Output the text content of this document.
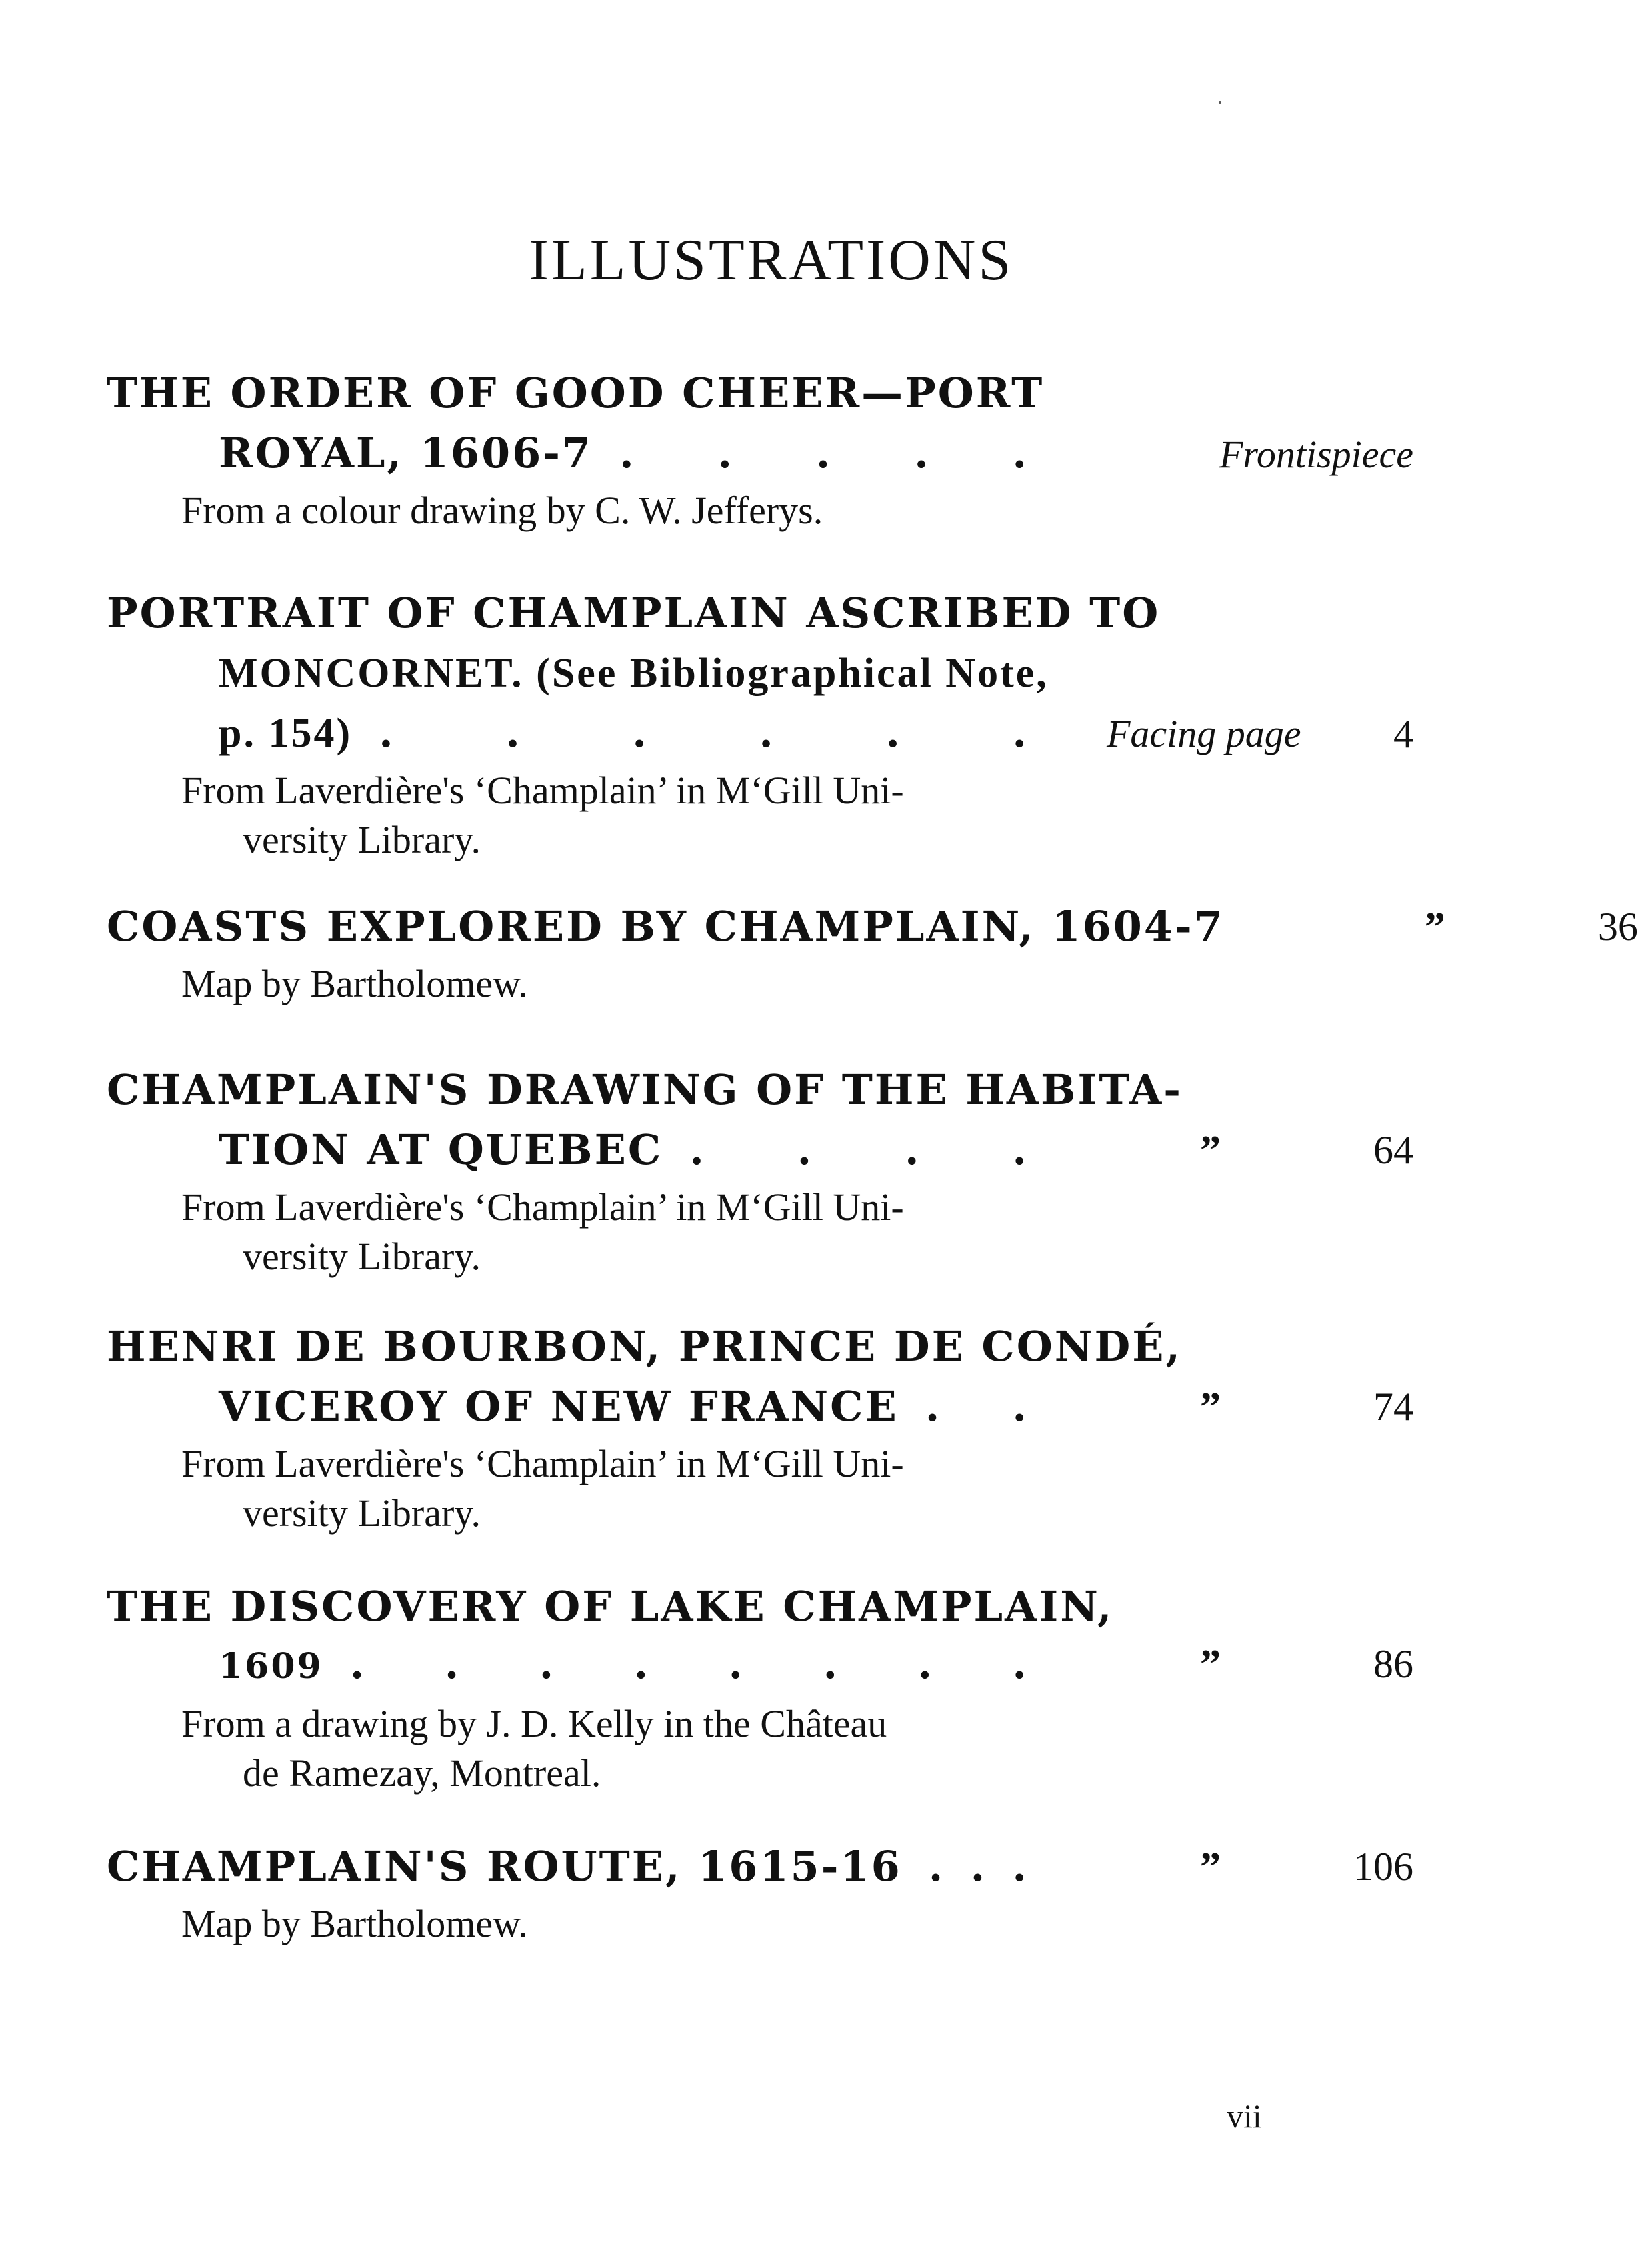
ILLUSTRATIONS
THE ORDER OF GOOD CHEER—PORT
ROYAL, 1606-7 . . . . .	Frontispiece
From a colour drawing by C. W. Jefferys.
PORTRAIT OF CHAMPLAIN ASCRIBED TO
MONCORNET. (See Bibliographical Note,
p. 154) .	.	.	.	.	. Facing page 4
From Laverdière's ‘Champlain’ in M‘Gill Uni-
versity Library.
COASTS EXPLORED BY CHAMPLAIN, 1604-7	”	36
Map by Bartholomew.
CHAMPLAIN'S DRAWING OF THE HABITA-
TION AT QUEBEC . . . .	”	64
From Laverdière's ‘Champlain’ in M‘Gill Uni-
versity Library.
HENRI DE BOURBON, PRINCE DE CONDÉ,
VICEROY OF NEW FRANCE . .	”	74
From Laverdière's ‘Champlain’ in M‘Gill Uni-
versity Library.
THE DISCOVERY OF LAKE CHAMPLAIN,
1609 . . . . . . . .	”	86
From a drawing by J. D. Kelly in the Château
de Ramezay, Montreal.
CHAMPLAIN'S ROUTE, 1615-16 . . .	”	106
Map by Bartholomew.
vii
